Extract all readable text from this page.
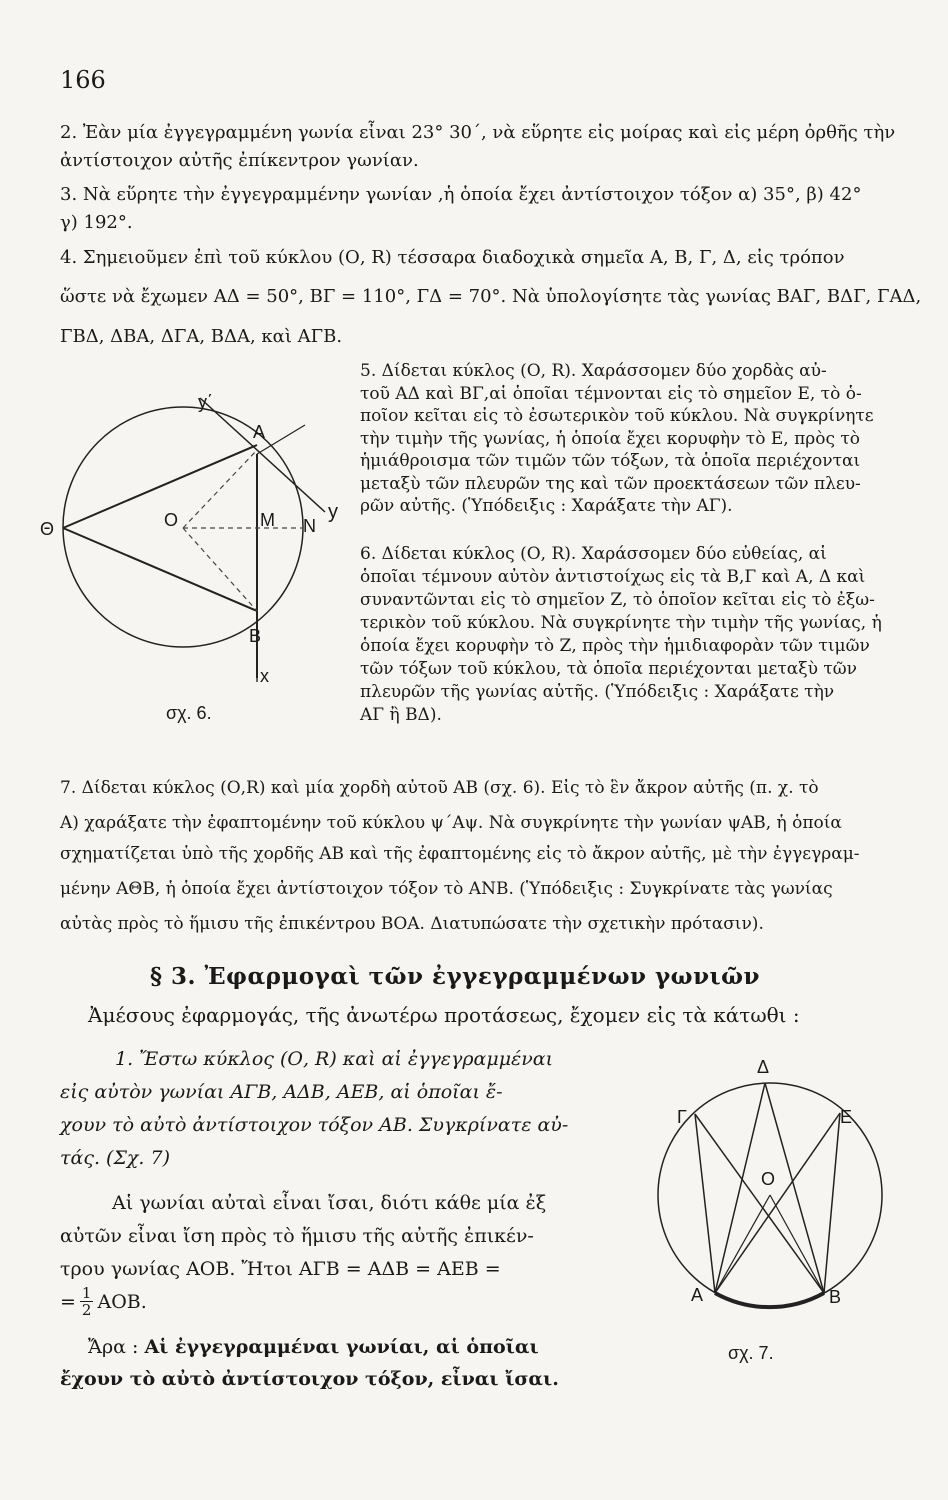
166
2. Ἐὰν μία ἐγγεγραμμένη γωνία εἶναι 23° 30΄, νὰ εὕρητε εἰς μοίρας καὶ εἰς μέρη ὀρθῆς τὴν
ἀντίστοιχον αὐτῆς ἐπίκεντρον γωνίαν.
3. Νὰ εὕρητε τὴν ἐγγεγραμμένην γωνίαν ,ἡ ὁποία ἔχει ἀντίστοιχον τόξον α) 35°, β) 42°
γ) 192°.
4. Σημειοῦμεν ἐπὶ τοῦ κύκλου (Ο, R) τέσσαρα διαδοχικὰ σημεῖα Α, Β, Γ, Δ, εἰς τρόπον
ὥστε νὰ ἔχωμεν ΑΔ = 50°, ΒΓ = 110°, ΓΔ = 70°. Νὰ ὑπολογίσητε τὰς γωνίας ΒΑΓ, ΒΔΓ, ΓΑΔ,
ΓΒΔ, ΔΒΑ, ΔΓΑ, ΒΔΑ, καὶ ΑΓΒ.
y΄
y
Α
Β
Ο	Μ Ν
Θ
x
σχ. 6.
5. Δίδεται κύκλος (Ο, R). Χαράσσομεν δύο χορδὰς αὐ-
τοῦ ΑΔ καὶ ΒΓ,αἱ ὁποῖαι τέμνονται εἰς τὸ σημεῖον Ε, τὸ ὁ-
ποῖον κεῖται εἰς τὸ ἐσωτερικὸν τοῦ κύκλου. Νὰ συγκρίνητε
τὴν τιμὴν τῆς γωνίας, ἡ ὁποία ἔχει κορυφὴν τὸ Ε, πρὸς τὸ
ἡμιάθροισμα τῶν τιμῶν τῶν τόξων, τὰ ὁποῖα περιέχονται
μεταξὺ τῶν πλευρῶν της καὶ τῶν προεκτάσεων τῶν πλευ-
ρῶν αὐτῆς. (Ὑπόδειξις : Χαράξατε τὴν ΑΓ).
6. Δίδεται κύκλος (Ο, R). Χαράσσομεν δύο εὐθείας, αἱ
ὁποῖαι τέμνουν αὐτὸν ἀντιστοίχως εἰς τὰ Β,Γ καὶ Α, Δ καὶ
συναντῶνται εἰς τὸ σημεῖον Ζ, τὸ ὁποῖον κεῖται εἰς τὸ ἐξω-
τερικὸν τοῦ κύκλου. Νὰ συγκρίνητε τὴν τιμὴν τῆς γωνίας, ἡ
ὁποία ἔχει κορυφὴν τὸ Ζ, πρὸς τὴν ἡμιδιαφορὰν τῶν τιμῶν
τῶν τόξων τοῦ κύκλου, τὰ ὁποῖα περιέχονται μεταξὺ τῶν
πλευρῶν τῆς γωνίας αὐτῆς. (Ὑπόδειξις : Χαράξατε τὴν
ΑΓ ἢ ΒΔ).
7. Δίδεται κύκλος (Ο,R) καὶ μία χορδὴ αὐτοῦ ΑΒ (σχ. 6). Εἰς τὸ ἓν ἄκρον αὐτῆς (π. χ. τὸ
Α) χαράξατε τὴν ἐφαπτομένην τοῦ κύκλου ψ΄Αψ. Νὰ συγκρίνητε τὴν γωνίαν ψΑΒ, ἡ ὁποία
σχηματίζεται ὑπὸ τῆς χορδῆς ΑΒ καὶ τῆς ἐφαπτομένης εἰς τὸ ἄκρον αὐτῆς, μὲ τὴν ἐγγεγραμ-
μένην ΑΘΒ, ἡ ὁποία ἔχει ἀντίστοιχον τόξον τὸ ΑΝΒ. (Ὑπόδειξις : Συγκρίνατε τὰς γωνίας
αὐτὰς πρὸς τὸ ἥμισυ τῆς ἐπικέντρου ΒΟΑ. Διατυπώσατε τὴν σχετικὴν πρότασιν).
§ 3. Ἐφαρμογαὶ τῶν ἐγγεγραμμένων γωνιῶν
Ἀμέσους ἐφαρμογάς, τῆς ἀνωτέρω προτάσεως, ἔχομεν εἰς τὰ κάτωθι :
1. Ἔστω κύκλος (Ο, R) καὶ αἱ ἐγγεγραμμέναι
εἰς αὐτὸν γωνίαι ΑΓΒ, ΑΔΒ, ΑΕΒ, αἱ ὁποῖαι ἔ-
χουν τὸ αὐτὸ ἀντίστοιχον τόξον ΑΒ. Συγκρίνατε αὐ-
τάς. (Σχ. 7)
Αἱ γωνίαι αὐταὶ εἶναι ἴσαι, διότι κάθε μία ἐξ
αὐτῶν εἶναι ἴση πρὸς τὸ ἥμισυ τῆς αὐτῆς ἐπικέν-
τρου γωνίας ΑΟΒ. Ἤτοι ΑΓΒ = ΑΔΒ = ΑΕΒ =
= $\frac{1}{2} AOB$.
Ἄρα : Αἱ ἐγγεγραμμέναι γωνίαι, αἱ ὁποῖαι
ἔχουν τὸ αὐτὸ ἀντίστοιχον τόξον, εἶναι ἴσαι.
Δ
Γ	Ε
Ο
Α	Β
σχ. 7.
